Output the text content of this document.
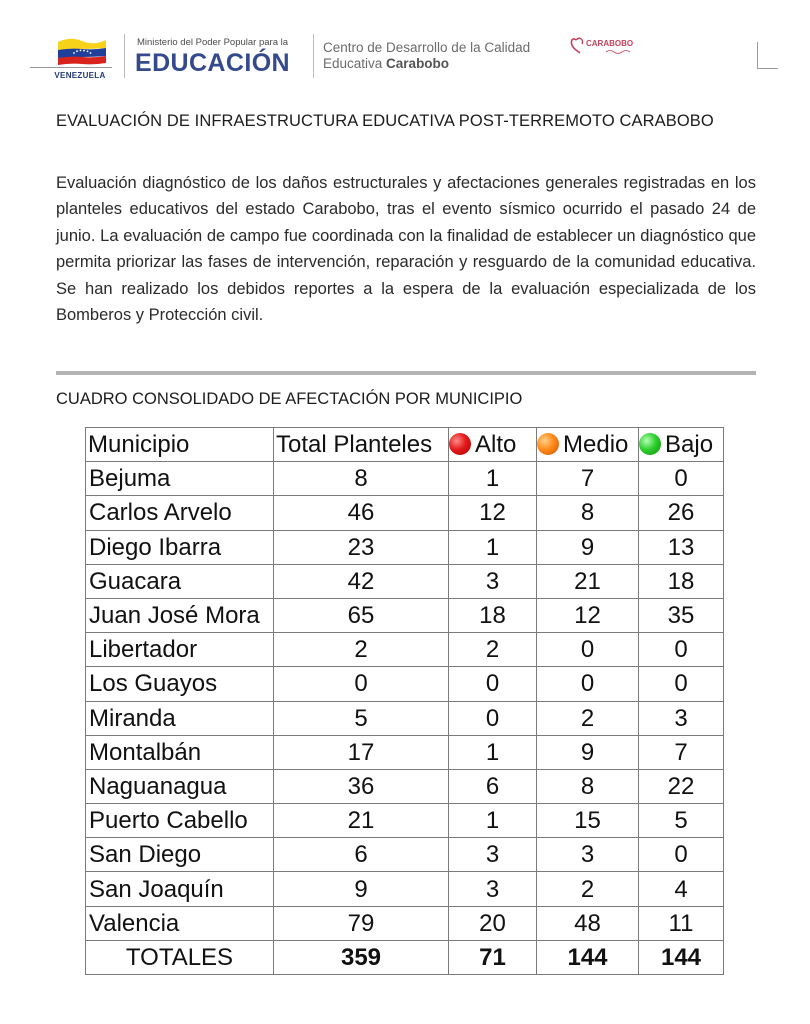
VENEZUELA
Ministerio del Poder Popular para la
EDUCACIÓN
Centro de Desarrollo de la Calidad
Educativa Carabobo
CARABOBO
EVALUACIÓN DE INFRAESTRUCTURA EDUCATIVA POST-TERREMOTO CARABOBO
Evaluación diagnóstico de los daños estructurales y afectaciones generales registradas en los planteles educativos del estado Carabobo, tras el evento sísmico ocurrido el pasado 24 de junio. La evaluación de campo fue coordinada con la finalidad de establecer un diagnóstico que permita priorizar las fases de intervención, reparación y resguardo de la comunidad educativa. Se han realizado los debidos reportes a la espera de la evaluación especializada de los Bomberos y Protección civil.
CUADRO CONSOLIDADO DE AFECTACIÓN POR MUNICIPIO
Municipio	Total Planteles	Alto	Medio	Bajo
Bejuma	8	1	7	0
Carlos Arvelo	46	12	8	26
Diego Ibarra	23	1	9	13
Guacara	42	3	21	18
Juan José Mora	65	18	12	35
Libertador	2	2	0	0
Los Guayos	0	0	0	0
Miranda	5	0	2	3
Montalbán	17	1	9	7
Naguanagua	36	6	8	22
Puerto Cabello	21	1	15	5
San Diego	6	3	3	0
San Joaquín	9	3	2	4
Valencia	79	20	48	11
TOTALES	359	71	144	144
